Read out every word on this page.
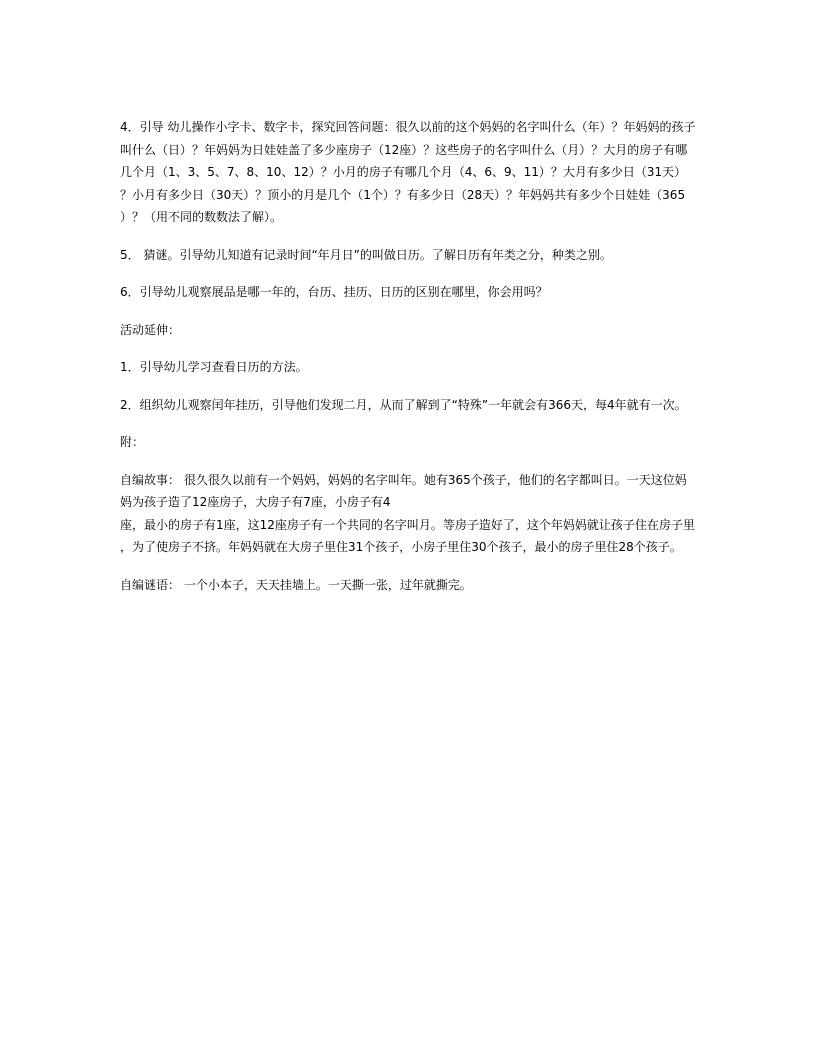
4．引导 幼儿操作小字卡、数字卡，探究回答问题：很久以前的这个妈妈的名字叫什么（年）？年妈妈的孩子
叫什么（日）？年妈妈为日娃娃盖了多少座房子（12座）？这些房子的名字叫什么（月）？大月的房子有哪
几个月（1、3、5、7、8、10、12）？小月的房子有哪几个月（4、6、9、11）？大月有多少日（31天）
？小月有多少日（30天）？顶小的月是几个（1个）？有多少日（28天）？年妈妈共有多少个日娃娃（365
）？（用不同的数数法了解）。

5． 猜谜。引导幼儿知道有记录时间“年月日”的叫做日历。了解日历有年类之分，种类之别。

6．引导幼儿观察展品是哪一年的，台历、挂历、日历的区别在哪里，你会用吗？

活动延伸：

1．引导幼儿学习查看日历的方法。

2．组织幼儿观察闰年挂历，引导他们发现二月，从而了解到了“特殊”一年就会有366天，每4年就有一次。

附：

自编故事： 很久很久以前有一个妈妈，妈妈的名字叫年。她有365个孩子，他们的名字都叫日。一天这位妈
妈为孩子造了12座房子，大房子有7座，小房子有4
座，最小的房子有1座，这12座房子有一个共同的名字叫月。等房子造好了，这个年妈妈就让孩子住在房子里
，为了使房子不挤。年妈妈就在大房子里住31个孩子，小房子里住30个孩子，最小的房子里住28个孩子。

自编谜语： 一个小本子，天天挂墙上。一天撕一张，过年就撕完。
